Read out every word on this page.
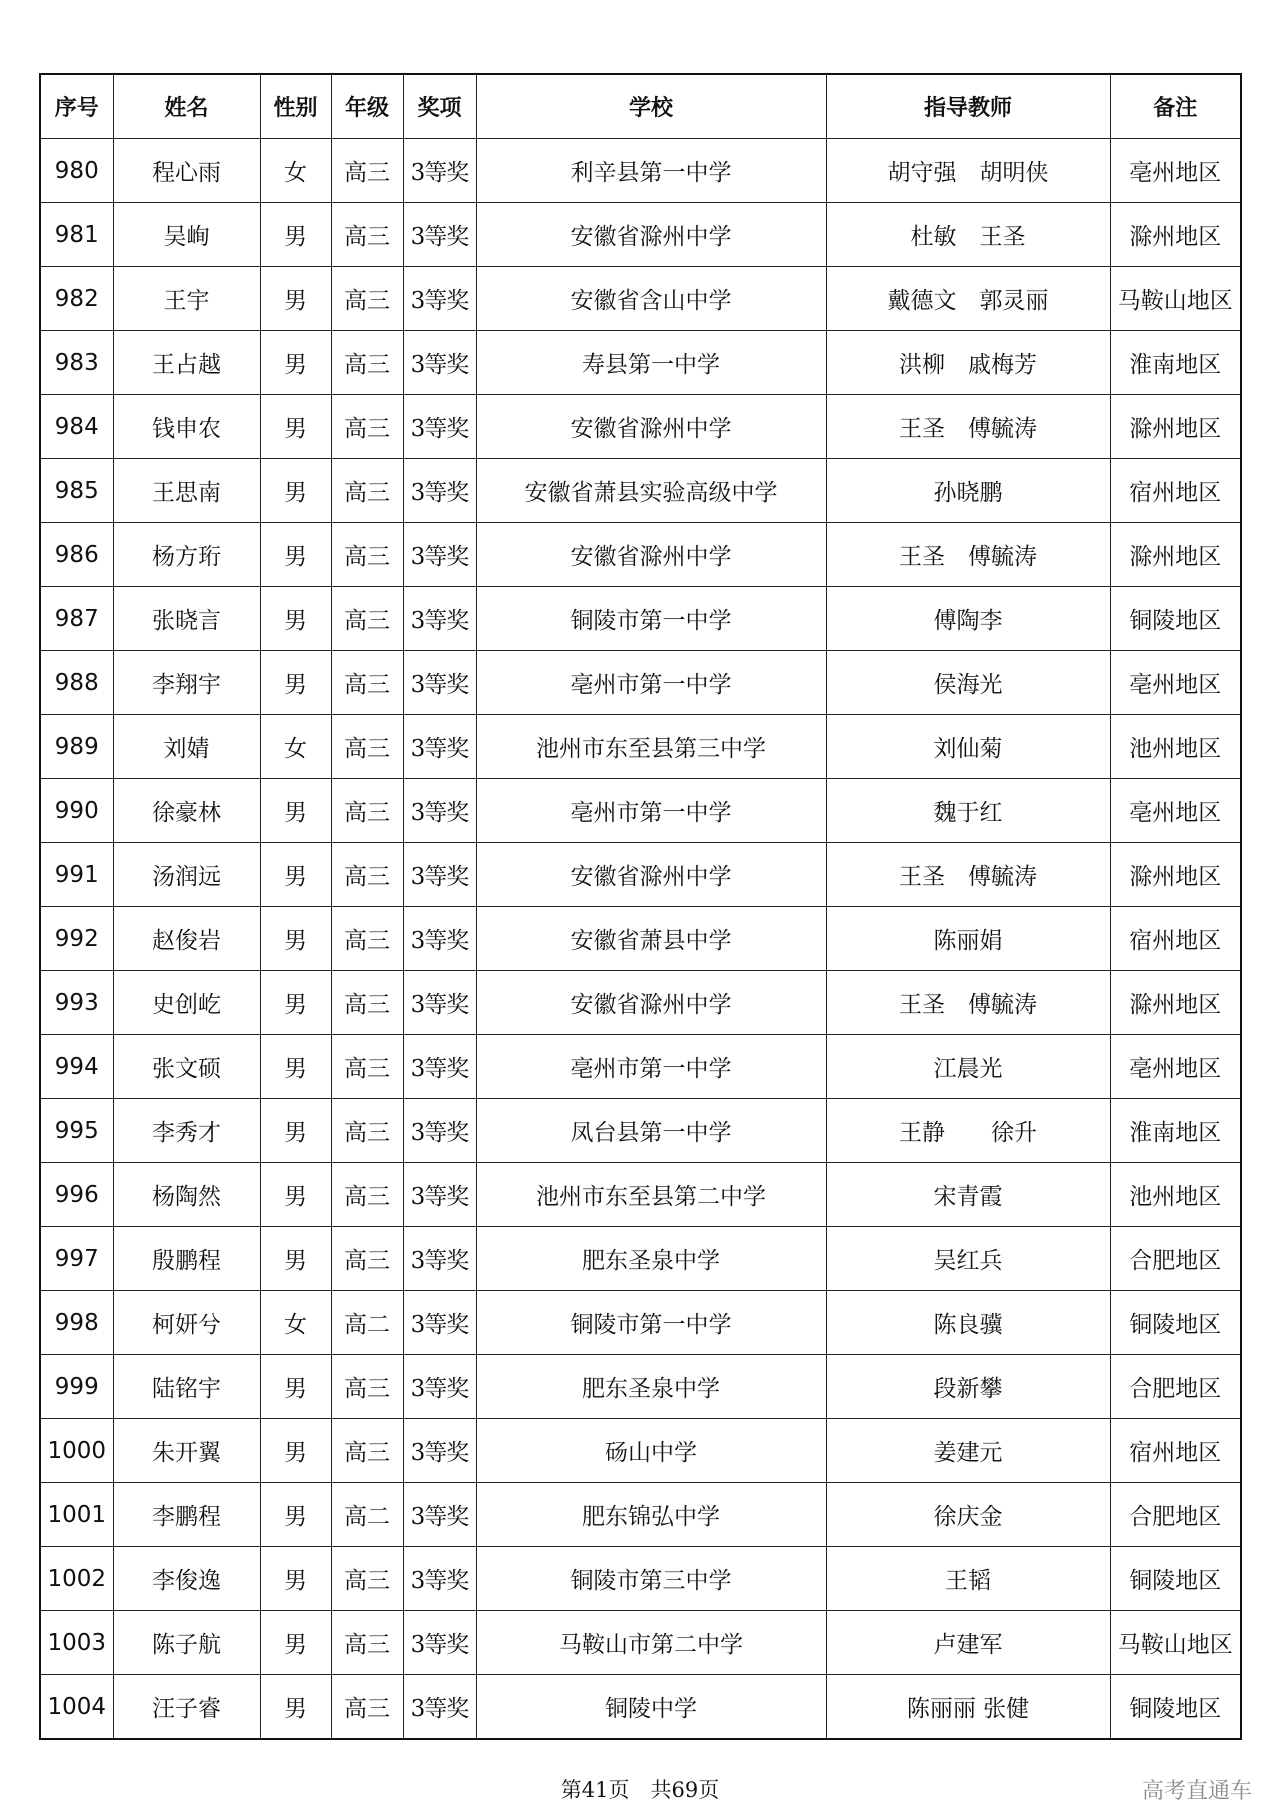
序号	姓名	性别	年级	奖项	学校	指导教师	备注
980	程心雨	女	高三	3等奖	利辛县第一中学	胡守强　胡明侠	亳州地区
981	吴峋	男	高三	3等奖	安徽省滁州中学	杜敏　王圣	滁州地区
982	王宇	男	高三	3等奖	安徽省含山中学	戴德文　郭灵丽	马鞍山地区
983	王占越	男	高三	3等奖	寿县第一中学	洪柳　戚梅芳	淮南地区
984	钱申农	男	高三	3等奖	安徽省滁州中学	王圣　傅毓涛	滁州地区
985	王思南	男	高三	3等奖	安徽省萧县实验高级中学	孙晓鹏	宿州地区
986	杨方珩	男	高三	3等奖	安徽省滁州中学	王圣　傅毓涛	滁州地区
987	张晓言	男	高三	3等奖	铜陵市第一中学	傅陶李	铜陵地区
988	李翔宇	男	高三	3等奖	亳州市第一中学	侯海光	亳州地区
989	刘婧	女	高三	3等奖	池州市东至县第三中学	刘仙菊	池州地区
990	徐豪林	男	高三	3等奖	亳州市第一中学	魏于红	亳州地区
991	汤润远	男	高三	3等奖	安徽省滁州中学	王圣　傅毓涛	滁州地区
992	赵俊岩	男	高三	3等奖	安徽省萧县中学	陈丽娟	宿州地区
993	史创屹	男	高三	3等奖	安徽省滁州中学	王圣　傅毓涛	滁州地区
994	张文硕	男	高三	3等奖	亳州市第一中学	江晨光	亳州地区
995	李秀才	男	高三	3等奖	凤台县第一中学	王静　　徐升	淮南地区
996	杨陶然	男	高三	3等奖	池州市东至县第二中学	宋青霞	池州地区
997	殷鹏程	男	高三	3等奖	肥东圣泉中学	吴红兵	合肥地区
998	柯妍兮	女	高二	3等奖	铜陵市第一中学	陈良骥	铜陵地区
999	陆铭宇	男	高三	3等奖	肥东圣泉中学	段新攀	合肥地区
1000	朱开翼	男	高三	3等奖	砀山中学	姜建元	宿州地区
1001	李鹏程	男	高二	3等奖	肥东锦弘中学	徐庆金	合肥地区
1002	李俊逸	男	高三	3等奖	铜陵市第三中学	王韬	铜陵地区
1003	陈子航	男	高三	3等奖	马鞍山市第二中学	卢建军	马鞍山地区
1004	汪子睿	男	高三	3等奖	铜陵中学	陈丽丽 张健	铜陵地区
第41页　共69页	高考直通车
